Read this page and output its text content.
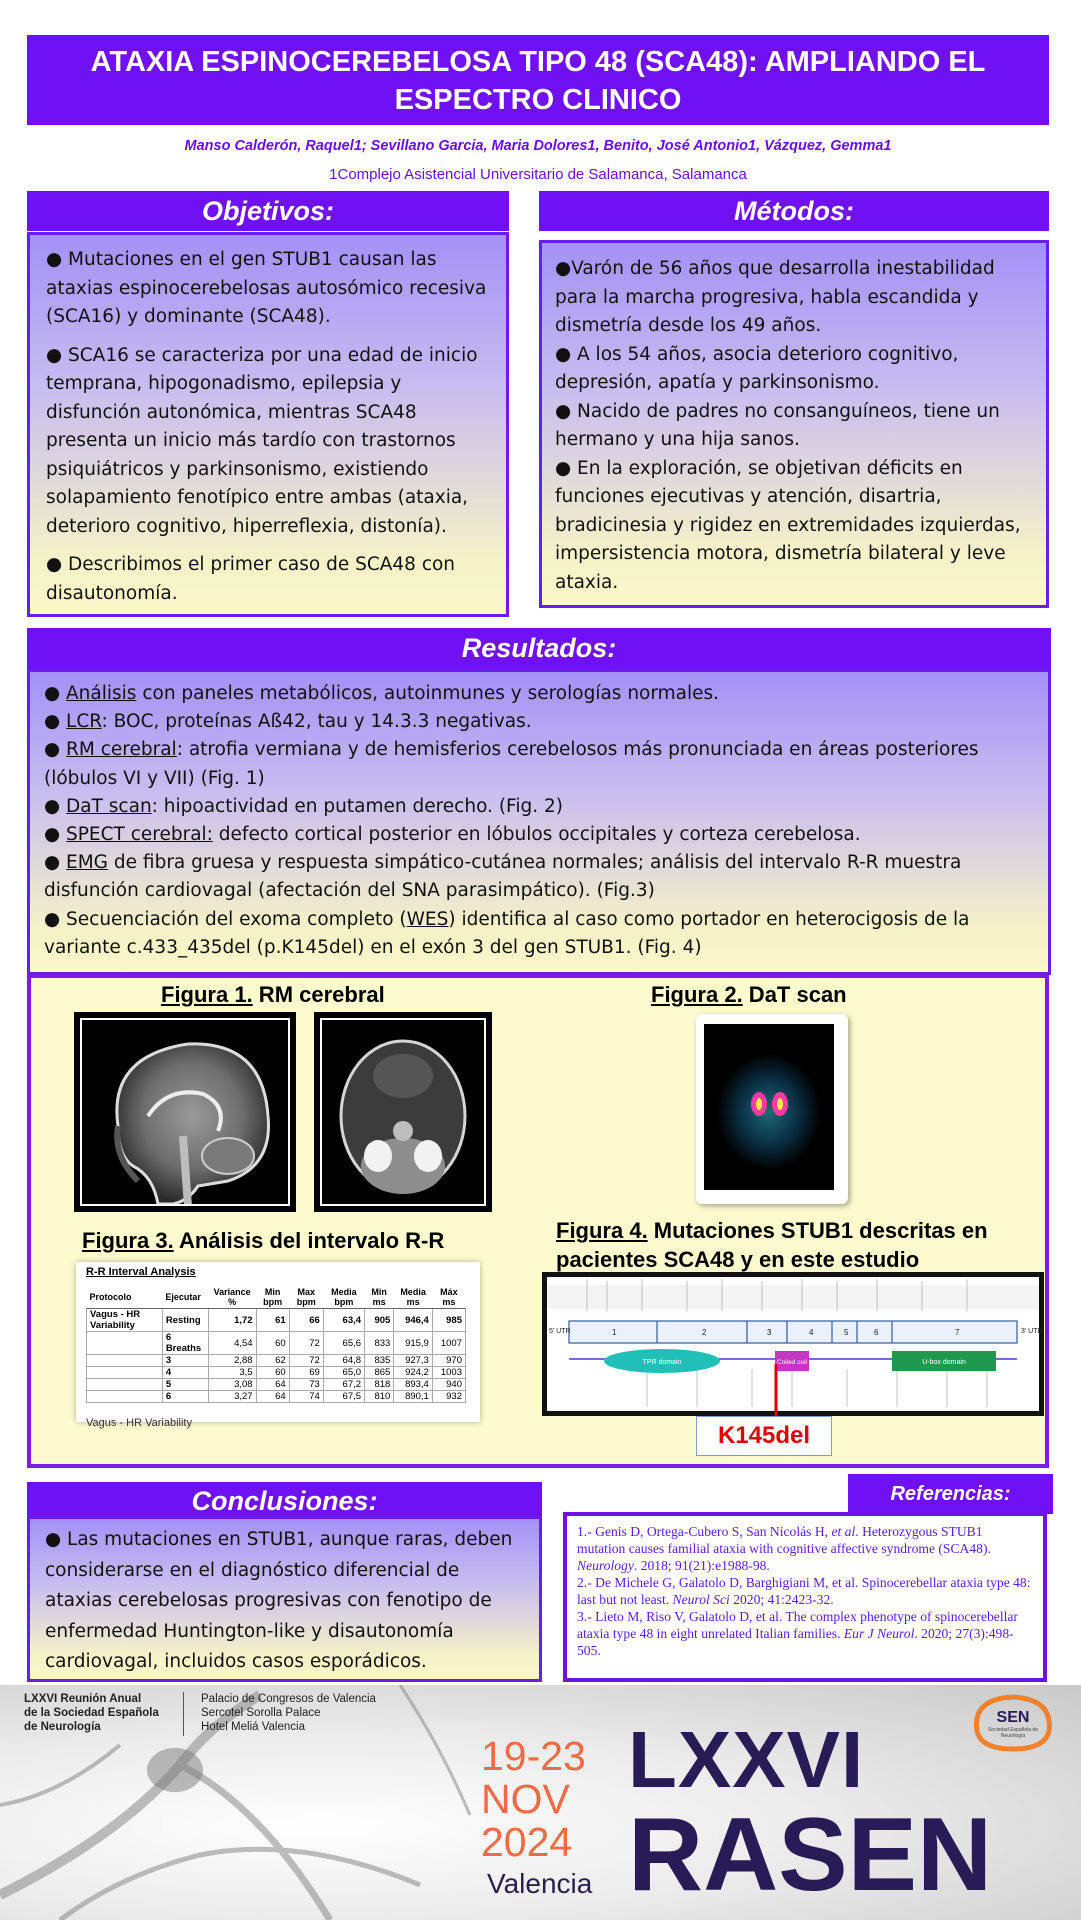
ATAXIA ESPINOCEREBELOSA TIPO 48 (SCA48): AMPLIANDO EL ESPECTRO CLINICO
Manso Calderón, Raquel1; Sevillano Garcia, Maria Dolores1, Benito, José Antonio1, Vázquez, Gemma1
1Complejo Asistencial Universitario de Salamanca, Salamanca
Objetivos:

● Mutaciones en el gen STUB1 causan las ataxias espinocerebelosas autosómico recesiva (SCA16) y dominante (SCA48).

● SCA16 se caracteriza por una edad de inicio temprana, hipogonadismo, epilepsia y disfunción autonómica, mientras SCA48 presenta un inicio más tardío con trastornos psiquiátricos y parkinsonismo, existiendo solapamiento fenotípico entre ambas (ataxia, deterioro cognitivo, hiperreflexia, distonía).

● Describimos el primer caso de SCA48 con disautonomía.

Métodos:

●Varón de 56 años que desarrolla inestabilidad para la marcha progresiva, habla escandida y dismetría desde los 49 años.

● A los 54 años, asocia deterioro cognitivo, depresión, apatía y parkinsonismo.

● Nacido de padres no consanguíneos, tiene un hermano y una hija sanos.

● En la exploración, se objetivan déficits en funciones ejecutivas y atención, disartria, bradicinesia y rigidez en extremidades izquierdas, impersistencia motora, dismetría bilateral y leve ataxia.

Resultados:
● Análisis con paneles metabólicos, autoinmunes y serologías normales.
● LCR: BOC, proteínas Aß42, tau y 14.3.3 negativas.
● RM cerebral: atrofia vermiana y de hemisferios cerebelosos más pronunciada en áreas posteriores
(lóbulos VI y VII) (Fig. 1)
● DaT scan: hipoactividad en putamen derecho. (Fig. 2)
● SPECT cerebral: defecto cortical posterior en lóbulos occipitales y corteza cerebelosa.
● EMG de fibra gruesa y respuesta simpático-cutánea normales; análisis del intervalo R-R muestra
disfunción cardiovagal (afectación del SNA parasimpático). (Fig.3)
● Secuenciación del exoma completo (WES) identifica al caso como portador en heterocigosis de la
variante c.433_435del (p.K145del) en el exón 3 del gen STUB1. (Fig. 4)
Figura 1. RM cerebral	Figura 2. DaT scan
Figura 3. Análisis del intervalo R-R	Figura 4. Mutaciones STUB1 descritas en pacientes SCA48 y en este estudio
R-R Interval Analysis
Protocolo	Ejecutar	Variance %	Min bpm	Max bpm	Media bpm	Min ms	Media ms	Máx ms
Vagus - HR Variability	Resting	1,72	61	66	63,4	905	946,4	985
	6 Breaths	4,54	60	72	65,6	833	915,9	1007
	3	2,88	62	72	64,8	835	927,3	970
	4	3,5	60	69	65,0	865	924,2	1003
	5	3,08	64	73	67,2	818	893,4	940
	6	3,27	64	74	67,5	810	890,1	932
Vagus - HR Variability
5' UTR	3' UTR
1	2	3	4	5	6	7
TPR domain	Coiled coil	U-box domain
K145del
Conclusiones:

● Las mutaciones en STUB1, aunque raras, deben considerarse en el diagnóstico diferencial de ataxias cerebelosas progresivas con fenotipo de enfermedad Huntington-like y disautonomía cardiovagal, incluidos casos esporádicos.

Referencias:

1.- Genis D, Ortega-Cubero S, San Nicolás H, et al. Heterozygous STUB1 mutation causes familial ataxia with cognitive affective syndrome (SCA48). Neurology. 2018; 91(21):e1988-98.

2.- De Michele G, Galatolo D, Barghigiani M, et al. Spinocerebellar ataxia type 48: last but not least. Neurol Sci 2020; 41:2423-32.

3.- Lieto M, Riso V, Galatolo D, et al. The complex phenotype of spinocerebellar ataxia type 48 in eight unrelated Italian families. Eur J Neurol. 2020; 27(3):498-505.

LXXVI Reunión Anual
de la Sociedad Española
de Neurología
Palacio de Congresos de Valencia
Sercotel Sorolla Palace
Hotel Meliá Valencia
19-23
NOV
2024
Valencia
LXXVI
RASEN
SEN
Sociedad Española de Neurología
